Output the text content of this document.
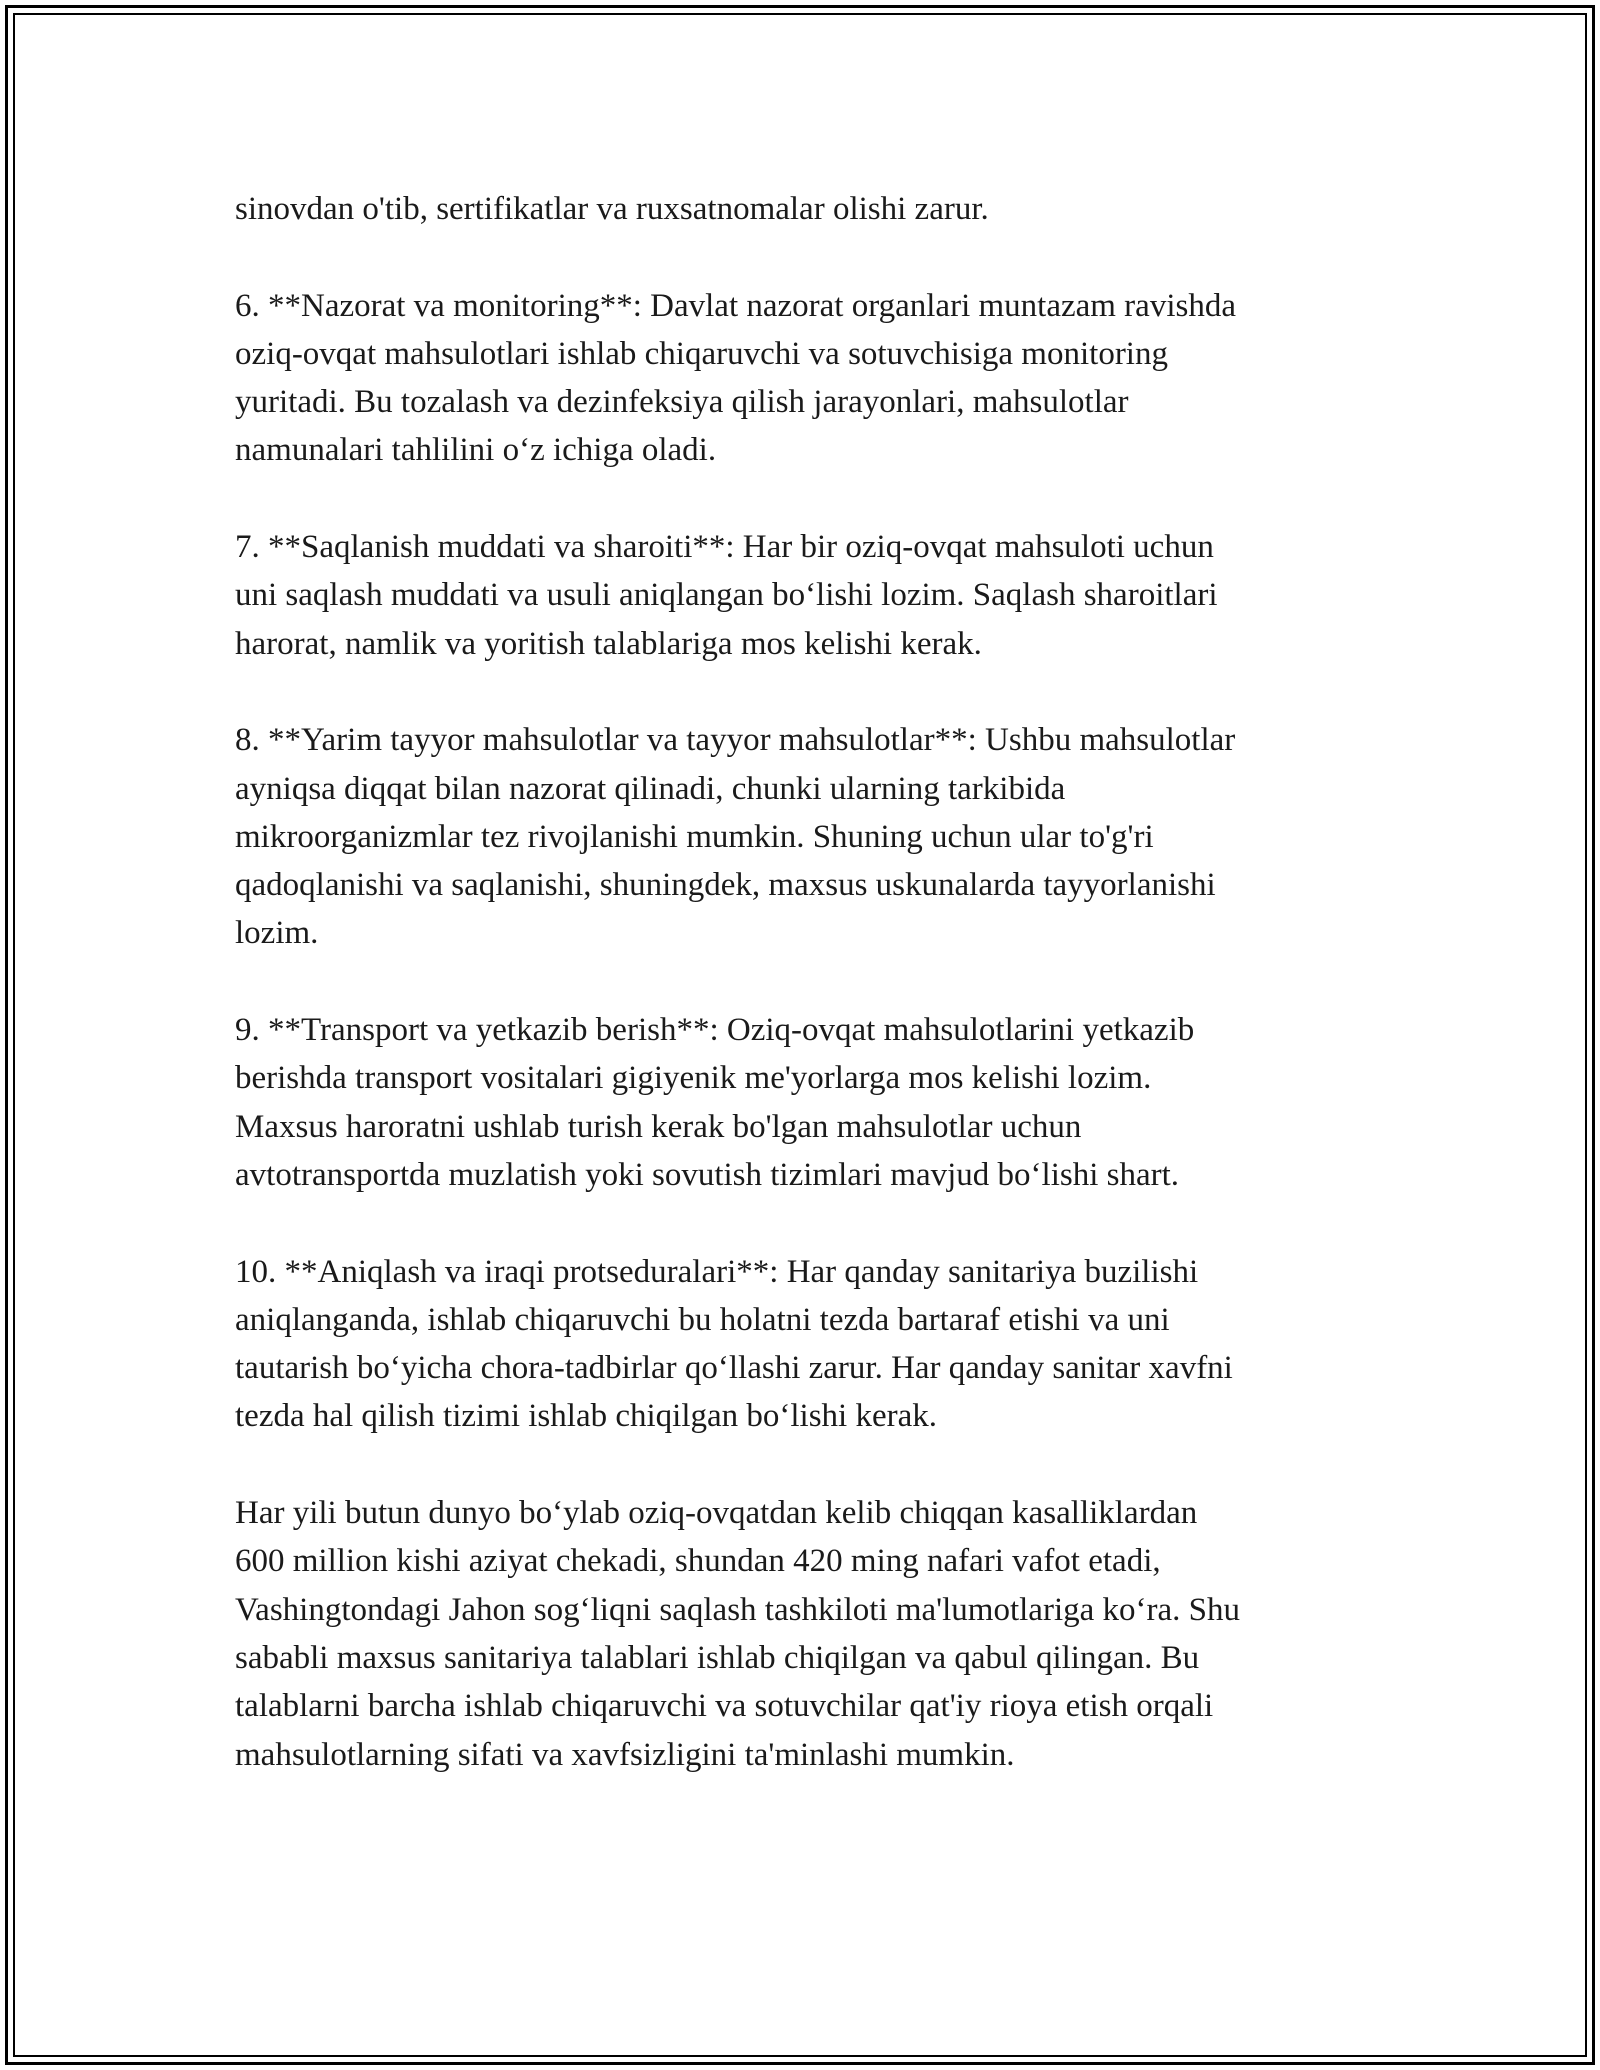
sinovdan o'tib, sertifikatlar va ruxsatnomalar olishi zarur.

6. **Nazorat va monitoring**: Davlat nazorat organlari muntazam ravishda
oziq-ovqat mahsulotlari ishlab chiqaruvchi va sotuvchisiga monitoring
yuritadi. Bu tozalash va dezinfeksiya qilish jarayonlari, mahsulotlar
namunalari tahlilini o‘z ichiga oladi.

7. **Saqlanish muddati va sharoiti**: Har bir oziq-ovqat mahsuloti uchun
uni saqlash muddati va usuli aniqlangan bo‘lishi lozim. Saqlash sharoitlari
harorat, namlik va yoritish talablariga mos kelishi kerak.

8. **Yarim tayyor mahsulotlar va tayyor mahsulotlar**: Ushbu mahsulotlar
ayniqsa diqqat bilan nazorat qilinadi, chunki ularning tarkibida
mikroorganizmlar tez rivojlanishi mumkin. Shuning uchun ular to'g'ri
qadoqlanishi va saqlanishi, shuningdek, maxsus uskunalarda tayyorlanishi
lozim.

9. **Transport va yetkazib berish**: Oziq-ovqat mahsulotlarini yetkazib
berishda transport vositalari gigiyenik me'yorlarga mos kelishi lozim.
Maxsus haroratni ushlab turish kerak bo'lgan mahsulotlar uchun
avtotransportda muzlatish yoki sovutish tizimlari mavjud bo‘lishi shart.

10. **Aniqlash va iraqi protseduralari**: Har qanday sanitariya buzilishi
aniqlanganda, ishlab chiqaruvchi bu holatni tezda bartaraf etishi va uni
tautarish bo‘yicha chora-tadbirlar qo‘llashi zarur. Har qanday sanitar xavfni
tezda hal qilish tizimi ishlab chiqilgan bo‘lishi kerak.

Har yili butun dunyo bo‘ylab oziq-ovqatdan kelib chiqqan kasalliklardan
600 million kishi aziyat chekadi, shundan 420 ming nafari vafot etadi,
Vashingtondagi Jahon sog‘liqni saqlash tashkiloti ma'lumotlariga ko‘ra. Shu
sababli maxsus sanitariya talablari ishlab chiqilgan va qabul qilingan. Bu
talablarni barcha ishlab chiqaruvchi va sotuvchilar qat'iy rioya etish orqali
mahsulotlarning sifati va xavfsizligini ta'minlashi mumkin.
